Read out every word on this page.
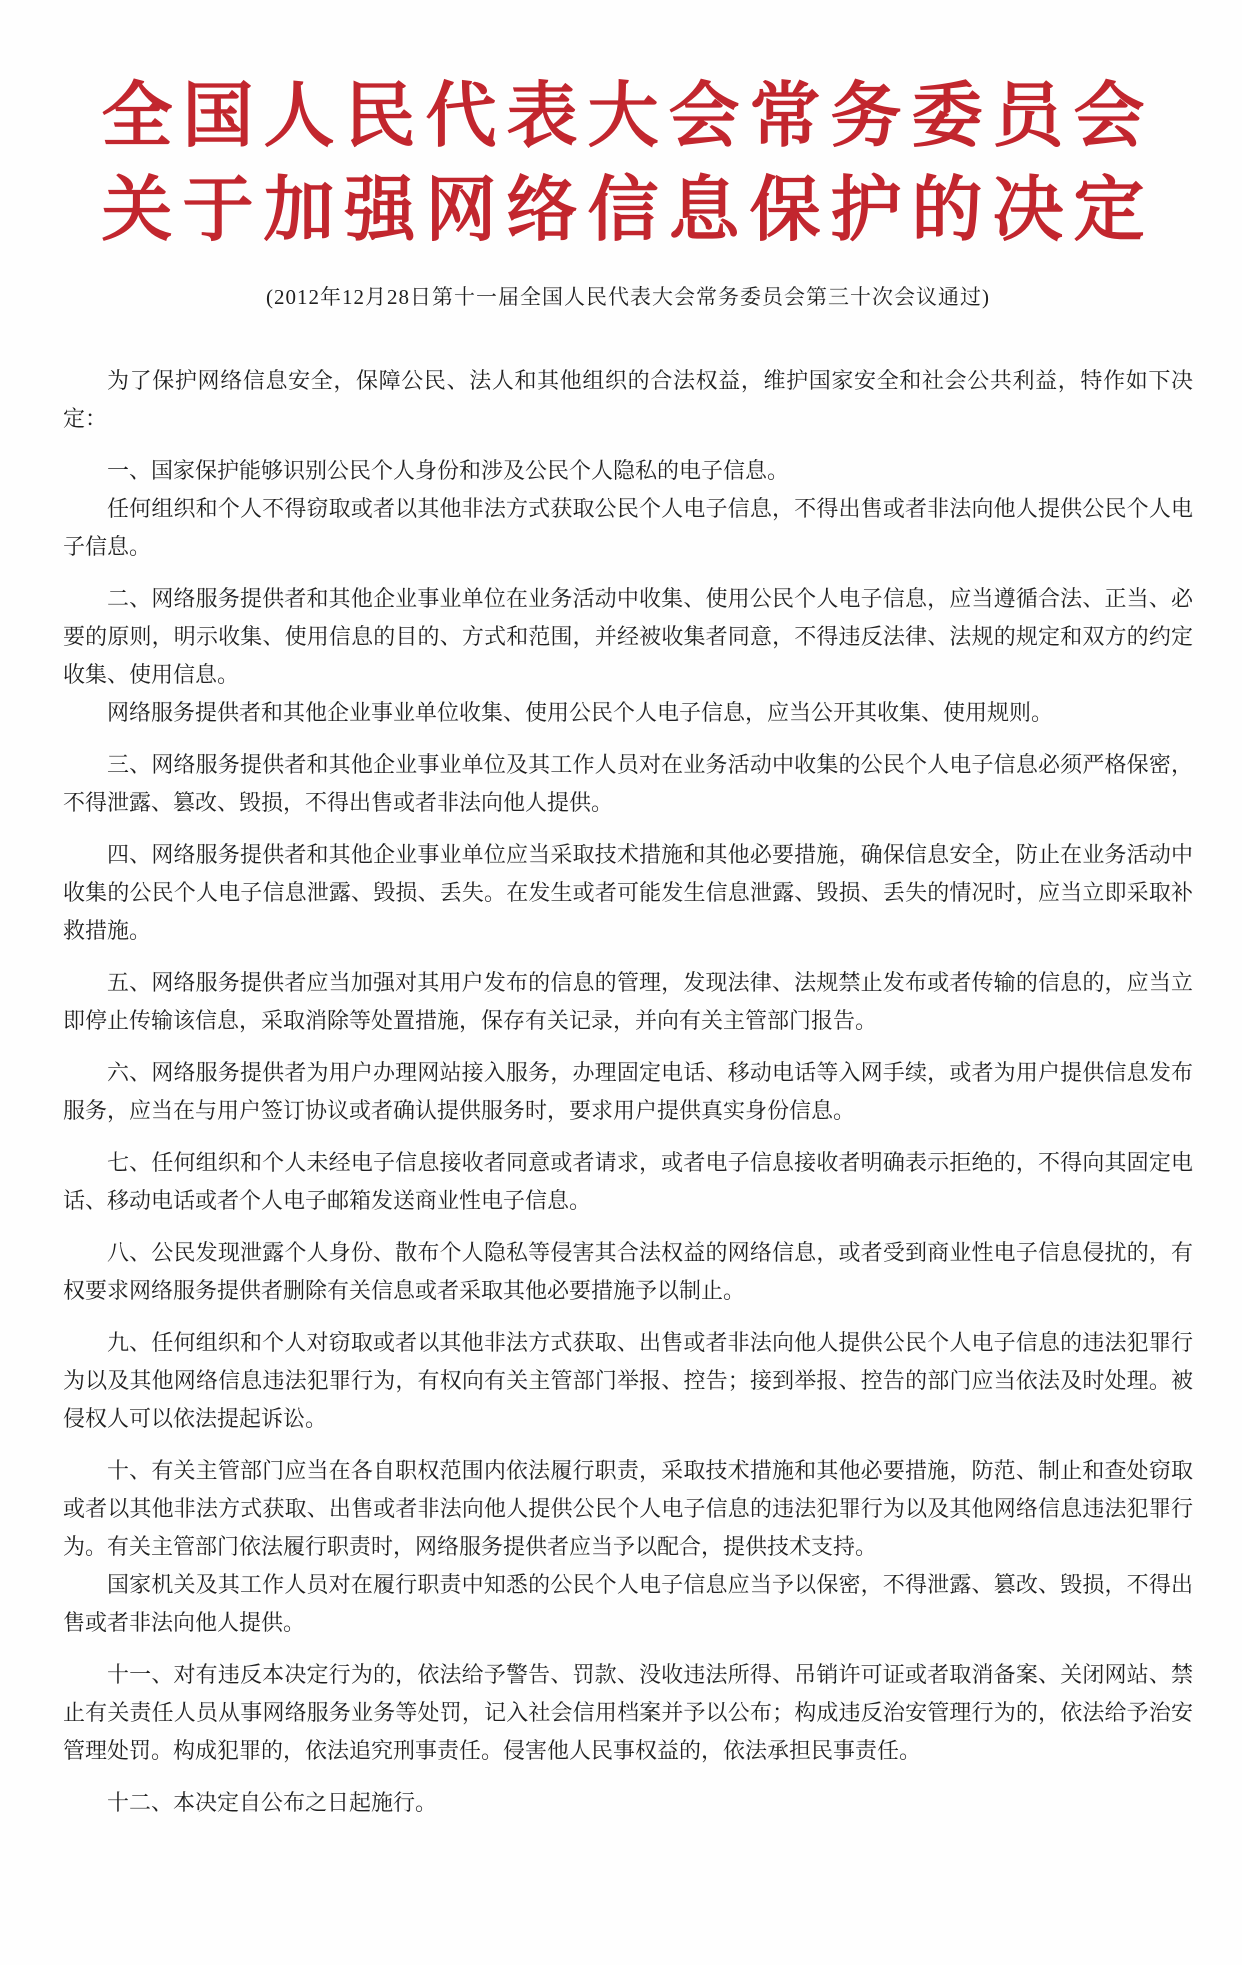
全国人民代表大会常务委员会
关于加强网络信息保护的决定

(2012年12月28日第十一届全国人民代表大会常务委员会第三十次会议通过)

为了保护网络信息安全，保障公民、法人和其他组织的合法权益，维护国家安全和社会公共利益，特作如下决定：

一、国家保护能够识别公民个人身份和涉及公民个人隐私的电子信息。

任何组织和个人不得窃取或者以其他非法方式获取公民个人电子信息，不得出售或者非法向他人提供公民个人电子信息。

二、网络服务提供者和其他企业事业单位在业务活动中收集、使用公民个人电子信息，应当遵循合法、正当、必要的原则，明示收集、使用信息的目的、方式和范围，并经被收集者同意，不得违反法律、法规的规定和双方的约定收集、使用信息。

网络服务提供者和其他企业事业单位收集、使用公民个人电子信息，应当公开其收集、使用规则。

三、网络服务提供者和其他企业事业单位及其工作人员对在业务活动中收集的公民个人电子信息必须严格保密，不得泄露、篡改、毁损，不得出售或者非法向他人提供。

四、网络服务提供者和其他企业事业单位应当采取技术措施和其他必要措施，确保信息安全，防止在业务活动中收集的公民个人电子信息泄露、毁损、丢失。在发生或者可能发生信息泄露、毁损、丢失的情况时，应当立即采取补救措施。

五、网络服务提供者应当加强对其用户发布的信息的管理，发现法律、法规禁止发布或者传输的信息的，应当立即停止传输该信息，采取消除等处置措施，保存有关记录，并向有关主管部门报告。

六、网络服务提供者为用户办理网站接入服务，办理固定电话、移动电话等入网手续，或者为用户提供信息发布服务，应当在与用户签订协议或者确认提供服务时，要求用户提供真实身份信息。

七、任何组织和个人未经电子信息接收者同意或者请求，或者电子信息接收者明确表示拒绝的，不得向其固定电话、移动电话或者个人电子邮箱发送商业性电子信息。

八、公民发现泄露个人身份、散布个人隐私等侵害其合法权益的网络信息，或者受到商业性电子信息侵扰的，有权要求网络服务提供者删除有关信息或者采取其他必要措施予以制止。

九、任何组织和个人对窃取或者以其他非法方式获取、出售或者非法向他人提供公民个人电子信息的违法犯罪行为以及其他网络信息违法犯罪行为，有权向有关主管部门举报、控告；接到举报、控告的部门应当依法及时处理。被侵权人可以依法提起诉讼。

十、有关主管部门应当在各自职权范围内依法履行职责，采取技术措施和其他必要措施，防范、制止和查处窃取或者以其他非法方式获取、出售或者非法向他人提供公民个人电子信息的违法犯罪行为以及其他网络信息违法犯罪行为。有关主管部门依法履行职责时，网络服务提供者应当予以配合，提供技术支持。

国家机关及其工作人员对在履行职责中知悉的公民个人电子信息应当予以保密，不得泄露、篡改、毁损，不得出售或者非法向他人提供。

十一、对有违反本决定行为的，依法给予警告、罚款、没收违法所得、吊销许可证或者取消备案、关闭网站、禁止有关责任人员从事网络服务业务等处罚，记入社会信用档案并予以公布；构成违反治安管理行为的，依法给予治安管理处罚。构成犯罪的，依法追究刑事责任。侵害他人民事权益的，依法承担民事责任。

十二、本决定自公布之日起施行。
